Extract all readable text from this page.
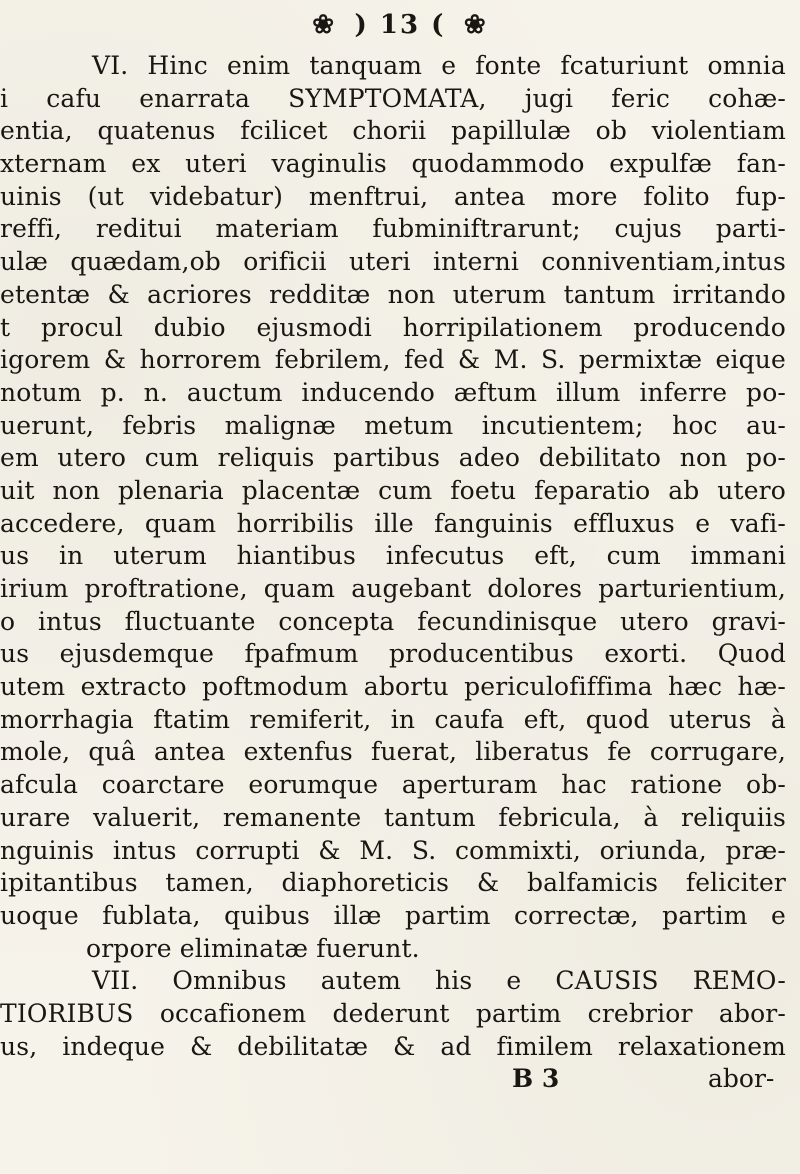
❀ ) 13 ( ❀
VI. Hinc enim tanquam e fonte fcaturiunt omnia
i cafu enarrata SYMPTOMATA, jugi feric cohæ-
entia, quatenus fcilicet chorii papillulæ ob violentiam
xternam ex uteri vaginulis quodammodo expulfæ fan-
uinis (ut videbatur) menftrui, antea more folito fup-
reffi, reditui materiam fubminiftrarunt; cujus parti-
ulæ quædam,ob orificii uteri interni conniventiam,intus
etentæ & acriores redditæ non uterum tantum irritando
t procul dubio ejusmodi horripilationem producendo
igorem & horrorem febrilem, fed & M. S. permixtæ eique
notum p. n. auctum inducendo æftum illum inferre po-
uerunt, febris malignæ metum incutientem; hoc au-
em utero cum reliquis partibus adeo debilitato non po-
uit non plenaria placentæ cum foetu feparatio ab utero
accedere, quam horribilis ille fanguinis effluxus e vafi-
us in uterum hiantibus infecutus eft, cum immani
irium proftratione, quam augebant dolores parturientium,
o intus fluctuante concepta fecundinisque utero gravi-
us ejusdemque fpafmum producentibus exorti. Quod
utem extracto poftmodum abortu periculofiffima hæc hæ-
morrhagia ftatim remiferit, in caufa eft, quod uterus à
mole, quâ antea extenfus fuerat, liberatus fe corrugare,
afcula coarctare eorumque aperturam hac ratione ob-
urare valuerit, remanente tantum febricula, à reliquiis
nguinis intus corrupti & M. S. commixti, oriunda, præ-
ipitantibus tamen, diaphoreticis & balfamicis feliciter
uoque fublata, quibus illæ partim correctæ, partim e
orpore eliminatæ fuerunt.
VII. Omnibus autem his e CAUSIS REMO-
TIORIBUS occafionem dederunt partim crebrior abor-
us, indeque & debilitatæ & ad fimilem relaxationem
B 3	abor-
